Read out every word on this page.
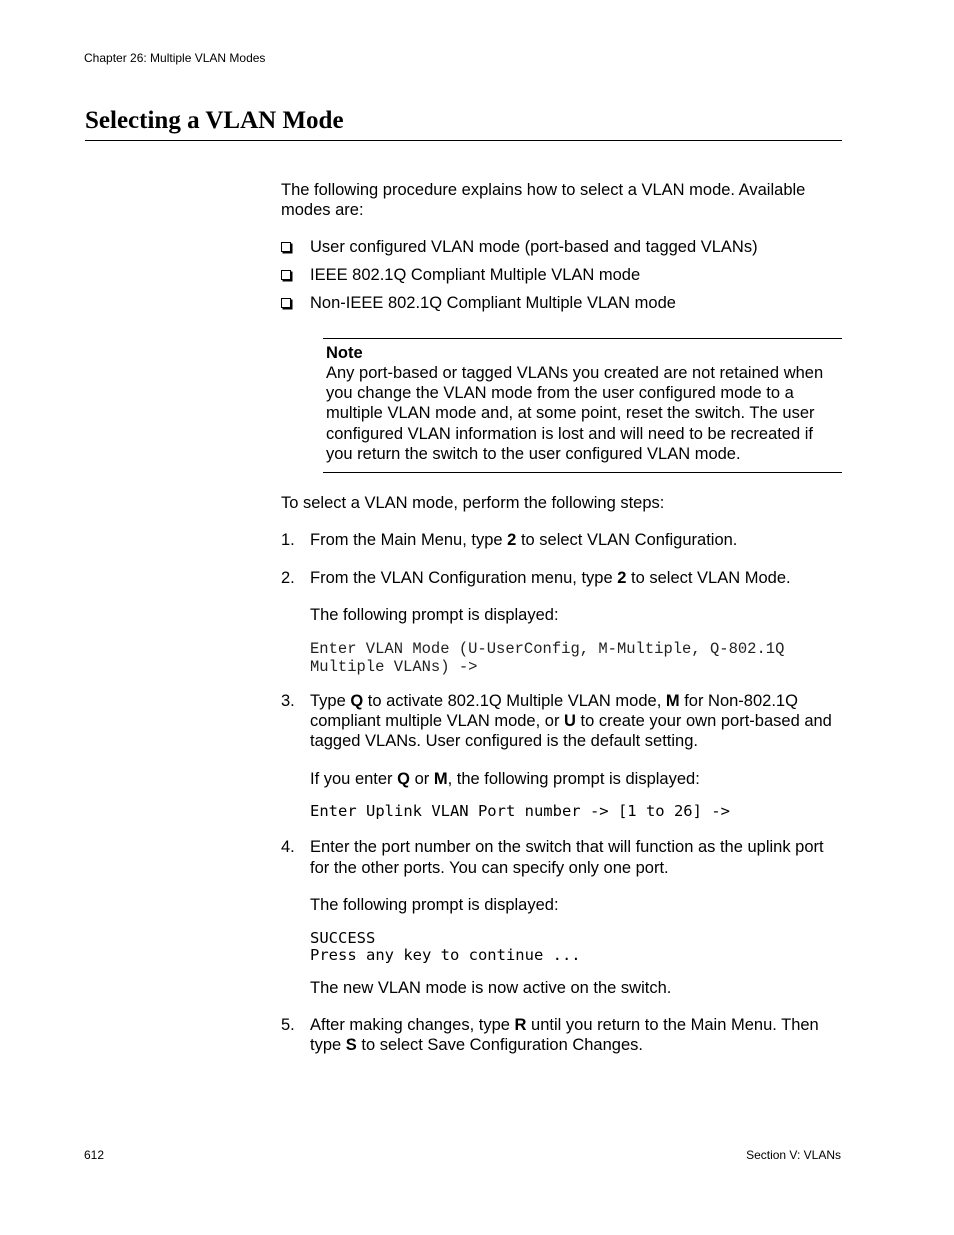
Chapter 26: Multiple VLAN Modes
Selecting a VLAN Mode
The following procedure explains how to select a VLAN mode. Available modes are:
User configured VLAN mode (port-based and tagged VLANs)
IEEE 802.1Q Compliant Multiple VLAN mode
Non-IEEE 802.1Q Compliant Multiple VLAN mode
Note
Any port-based or tagged VLANs you created are not retained when you change the VLAN mode from the user configured mode to a multiple VLAN mode and, at some point, reset the switch. The user configured VLAN information is lost and will need to be recreated if you return the switch to the user configured VLAN mode.
To select a VLAN mode, perform the following steps:
1. From the Main Menu, type 2 to select VLAN Configuration.
2. From the VLAN Configuration menu, type 2 to select VLAN Mode.
The following prompt is displayed:
Enter VLAN Mode (U-UserConfig, M-Multiple, Q-802.1Q
Multiple VLANs) ->
3. Type Q to activate 802.1Q Multiple VLAN mode, M for Non-802.1Q compliant multiple VLAN mode, or U to create your own port-based and tagged VLANs. User configured is the default setting.
If you enter Q or M, the following prompt is displayed:
Enter Uplink VLAN Port number -> [1 to 26] ->
4. Enter the port number on the switch that will function as the uplink port for the other ports. You can specify only one port.
The following prompt is displayed:
SUCCESS
Press any key to continue ...
The new VLAN mode is now active on the switch.
5. After making changes, type R until you return to the Main Menu. Then type S to select Save Configuration Changes.
612	Section V: VLANs
